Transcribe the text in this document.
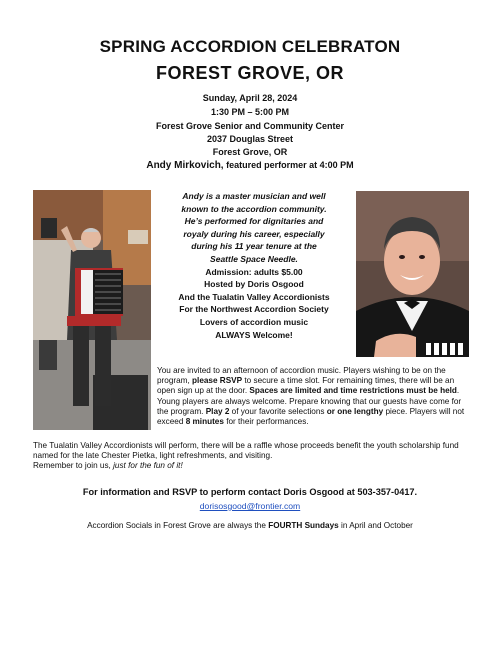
SPRING ACCORDION CELEBRATON
FOREST GROVE, OR
Sunday, April 28, 2024
1:30 PM – 5:00 PM
Forest Grove Senior and Community Center
2037 Douglas Street
Forest Grove, OR
Andy Mirkovich, featured performer at 4:00 PM
Andy is a master musician and well
known to the accordion community.
He’s performed for dignitaries and
royaly during his career, especially
during his 11 year tenure at the
Seattle Space Needle.
Admission: adults $5.00
Hosted by Doris Osgood
And the Tualatin Valley Accordionists
For the Northwest Accordion Society
Lovers of accordion music
ALWAYS Welcome!
You are invited to an afternoon of accordion music. Players wishing to be on the program, please RSVP to secure a time slot. For remaining times, there will be an open sign up at the door. Spaces are limited and time restrictions must be held. Young players are always welcome. Prepare knowing that our guests have come for the program. Play 2 of your favorite selections or one lengthy piece. Players will not exceed 8 minutes for their performances.
The Tualatin Valley Accordionists will perform, there will be a raffle whose proceeds benefit the youth scholarship fund named for the late Chester Pietka, light refreshments, and visiting.
Remember to join us, just for the fun of it!
For information and RSVP to perform contact Doris Osgood at 503-357-0417.
dorisosgood@frontier.com
Accordion Socials in Forest Grove are always the FOURTH Sundays in April and October
